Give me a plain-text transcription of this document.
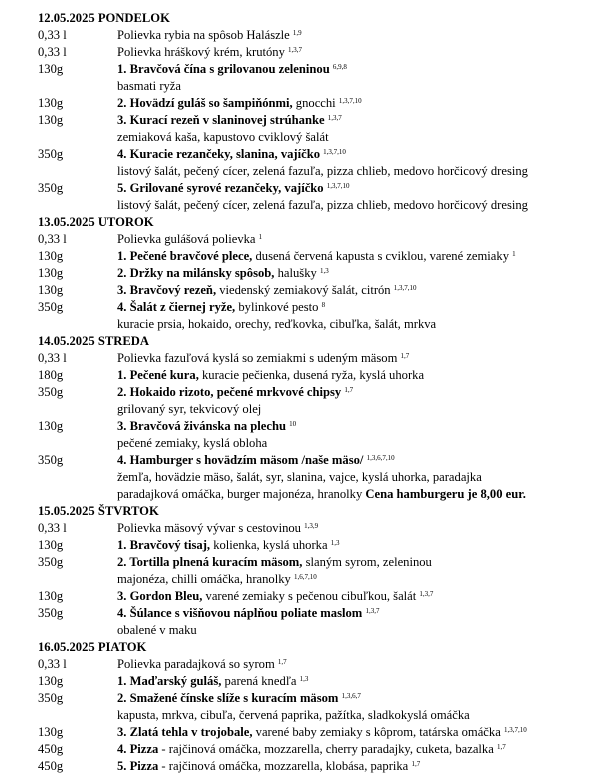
12.05.2025 PONDELOK
0,33 l	Polievka rybia na spôsob Halászle $^{1,9}$
0,33 l	Polievka hráškový krém, krutóny $^{1,3,7}$
130g	1. Bravčová čína s grilovanou zeleninou $^{6,9,8}$
basmati ryža
130g	2. Hovädzí guláš so šampiňónmi, gnocchi $^{1,3,7,10}$
130g	3. Kurací rezeň v slaninovej strúhanke $^{1,3,7}$
zemiaková kaša, kapustovo cviklový šalát
350g	4. Kuracie rezančeky, slanina, vajíčko $^{1,3,7,10}$
listový šalát, pečený cícer, zelená fazuľa, pizza chlieb, medovo horčicový dresing
350g	5. Grilované syrové rezančeky, vajíčko $^{1,3,7,10}$
listový šalát, pečený cícer, zelená fazuľa, pizza chlieb, medovo horčicový dresing
13.05.2025 UTOROK
0,33 l	Polievka gulášová polievka $^1$
130g	1. Pečené bravčové plece, dusená červená kapusta s cviklou, varené zemiaky $^1$
130g	2. Držky na milánsky spôsob, halušky $^{1,3}$
130g	3. Bravčový rezeň, viedenský zemiakový šalát, citrón $^{1,3,7,10}$
350g	4. Šalát z čiernej ryže, bylinkové pesto $^8$
kuracie prsia, hokaido, orechy, reďkovka, cibuľka, šalát, mrkva
14.05.2025 STREDA
0,33 l	Polievka fazuľová kyslá so zemiakmi s udeným mäsom $^{1,7}$
180g	1. Pečené kura, kuracie pečienka, dusená ryža, kyslá uhorka
350g	2. Hokaido rizoto, pečené mrkvové chipsy $^{1,7}$
grilovaný syr, tekvicový olej
130g	3. Bravčová živánska na plechu $^{10}$
pečené zemiaky, kyslá obloha
350g	4. Hamburger s hovädzím mäsom /naše mäso/ $^{1,3,6,7,10}$
žemľa, hovädzie mäso, šalát, syr, slanina, vajce, kyslá uhorka, paradajka
paradajková omáčka, burger majonéza, hranolky Cena hamburgeru je 8,00 eur.
15.05.2025 ŠTVRTOK
0,33 l	Polievka mäsový vývar s cestovinou $^{1,3,9}$
130g	1. Bravčový tisaj, kolienka, kyslá uhorka $^{1,3}$
350g	2. Tortilla plnená kuracím mäsom, slaným syrom, zeleninou
majonéza, chilli omáčka, hranolky $^{1,6,7,10}$
130g	3. Gordon Bleu, varené zemiaky s pečenou cibuľkou, šalát $^{1,3,7}$
350g	4. Šúlance s višňovou náplňou poliate maslom $^{1,3,7}$
obalené v maku
16.05.2025 PIATOK
0,33 l	Polievka paradajková so syrom $^{1,7}$
130g	1. Maďarský guláš, parená knedľa $^{1,3}$
350g	2. Smažené čínske slíže s kuracím mäsom $^{1,3,6,7}$
kapusta, mrkva, cibuľa, červená paprika, pažítka, sladkokyslá omáčka
130g	3. Zlatá tehla v trojobale, varené baby zemiaky s kôprom, tatárska omáčka $^{1,3,7,10}$
450g	4. Pizza - rajčinová omáčka, mozzarella, cherry paradajky, cuketa, bazalka $^{1,7}$
450g	5. Pizza - rajčinová omáčka, mozzarella, klobása, paprika $^{1,7}$
